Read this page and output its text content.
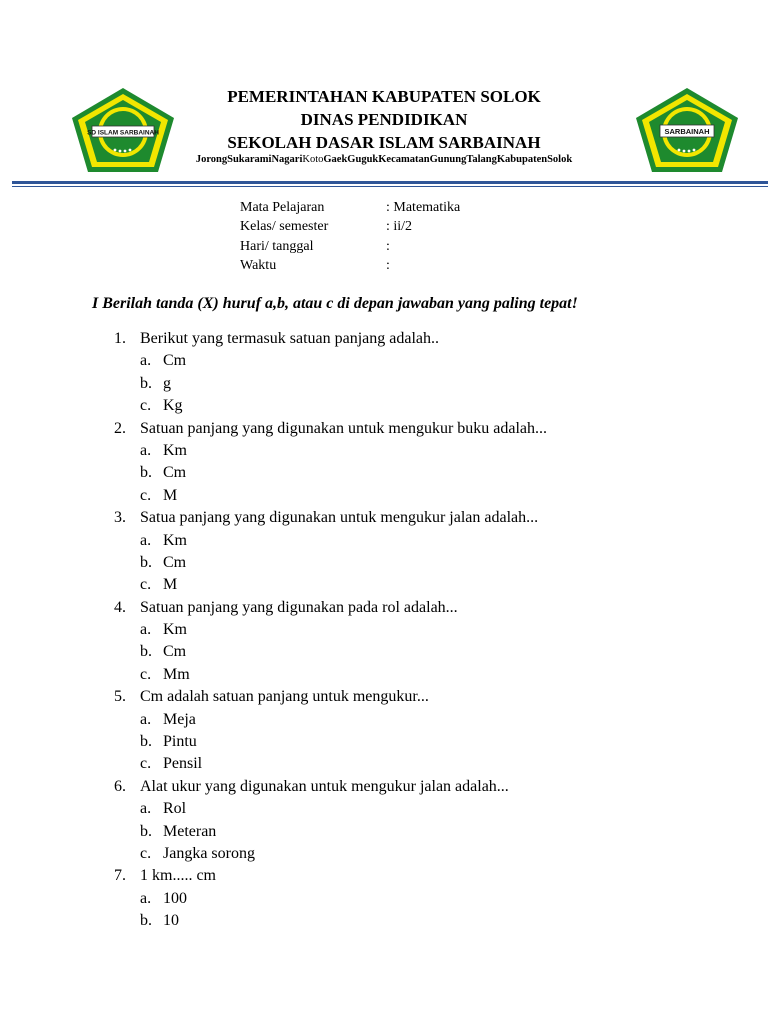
SD ISLAM SARBAINAH	SARBAINAH
PEMERINTAHAN KABUPATEN SOLOK
DINAS PENDIDIKAN
SEKOLAH DASAR ISLAM SARBAINAH
JorongSukaramiNagariKotoGaekGugukKecamatanGunungTalangKabupatenSolok
Mata Pelajaran	: Matematika
Kelas/ semester	: ii/2
Hari/ tanggal	:
Waktu	:
I Berilah tanda (X) huruf a,b, atau c di depan jawaban yang paling tepat!
1. Berikut yang termasuk satuan panjang adalah..
a. Cm
b. g
c. Kg
2. Satuan panjang yang digunakan untuk mengukur buku adalah...
a. Km
b. Cm
c. M
3. Satua panjang yang digunakan untuk mengukur jalan adalah...
a. Km
b. Cm
c. M
4. Satuan panjang yang digunakan pada rol adalah...
a. Km
b. Cm
c. Mm
5. Cm adalah satuan panjang untuk mengukur...
a. Meja
b. Pintu
c. Pensil
6. Alat ukur yang digunakan untuk mengukur jalan adalah...
a. Rol
b. Meteran
c. Jangka sorong
7. 1 km..... cm
a. 100
b. 10
